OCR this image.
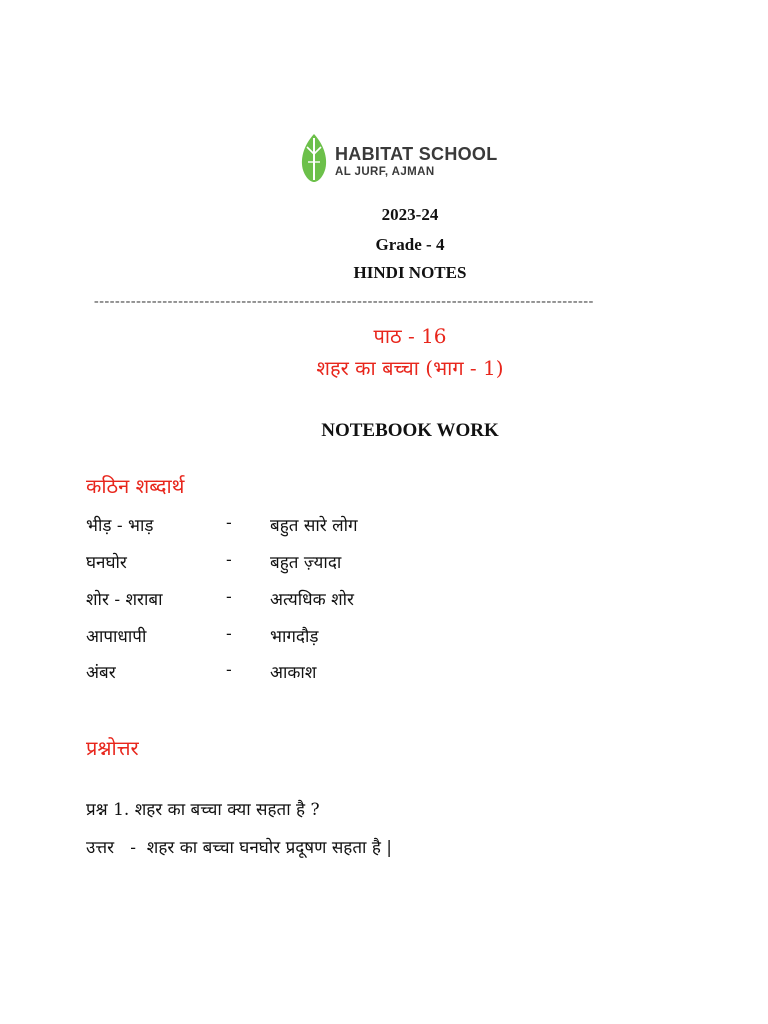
HABITAT SCHOOL
AL JURF, AJMAN
2023-24
Grade - 4
HINDI NOTES
-----------------------------------------------------------------------------------------------
पाठ - 16
शहर का बच्चा (भाग - 1)
NOTEBOOK WORK
कठिन शब्दार्थ
भीड़ - भाड़	- बहुत सारे लोग
घनघोर	- बहुत ज़्यादा
शोर - शराबा	- अत्यधिक शोर
आपाधापी	- भागदौड़
अंबर	- आकाश
प्रश्नोत्तर
प्रश्न 1. शहर का बच्चा क्या सहता है ?
उत्तर   -  शहर का बच्चा घनघोर प्रदूषण सहता है |
